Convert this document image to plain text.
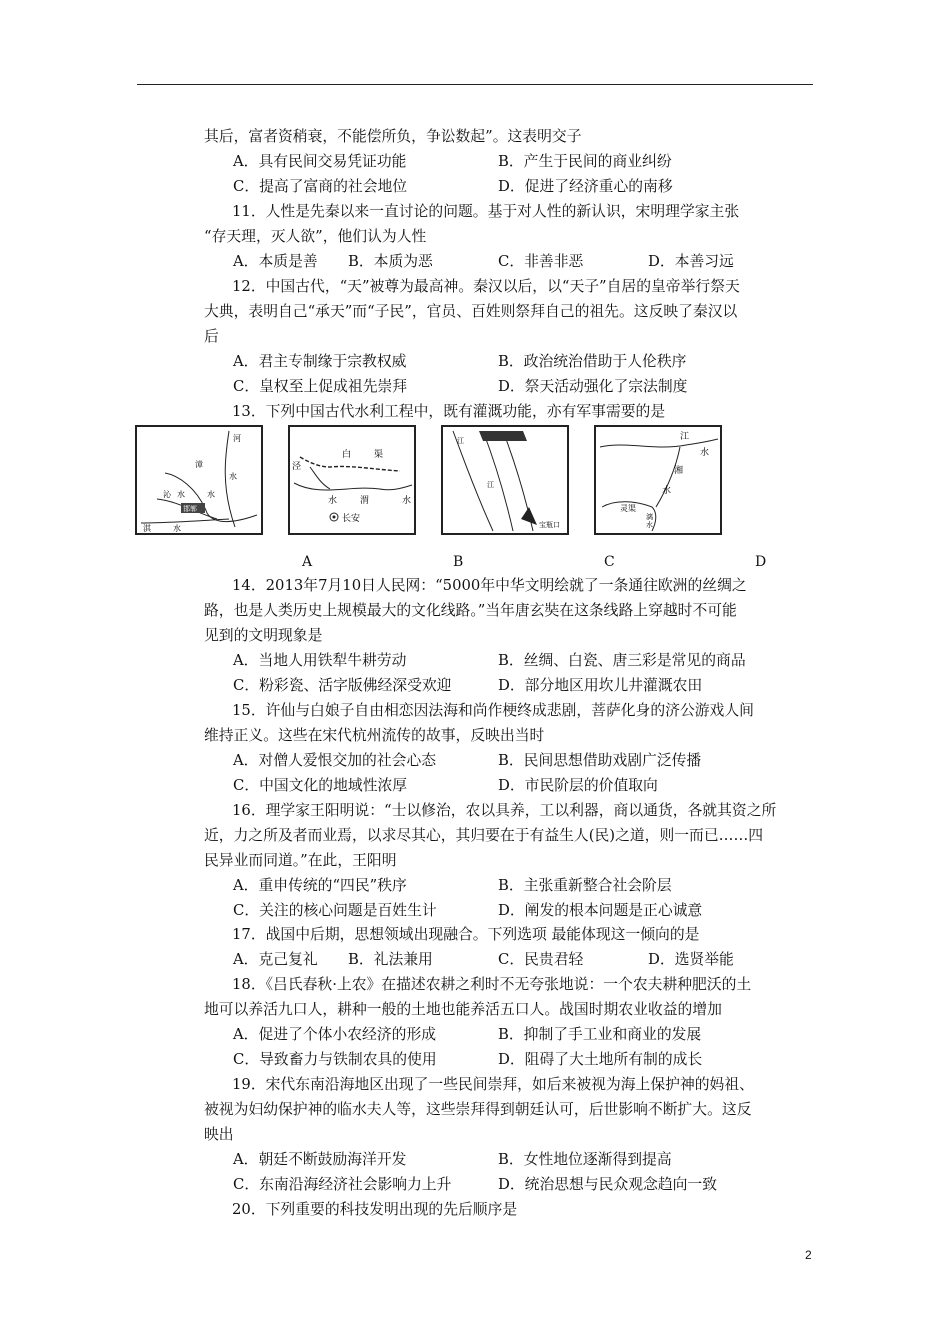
其后，富者资稍衰，不能偿所负，争讼数起”。这表明交子
A．具有民间交易凭证功能	B．产生于民间的商业纠纷
C．提高了富商的社会地位	D．促进了经济重心的南移
11．人性是先秦以来一直讨论的问题。基于对人性的新认识，宋明理学家主张
“存天理，灭人欲”，他们认为人性
A．本质是善 B．本质为恶	C．非善非恶	D．本善习远
12．中国古代，“天”被尊为最高神。秦汉以后，以“天子”自居的皇帝举行祭天
大典，表明自己“承天”而“子民”，官员、百姓则祭拜自己的祖先。这反映了秦汉以
后
A．君主专制缘于宗教权威	B．政治统治借助于人伦秩序
C．皇权至上促成祖先崇拜	D．祭天活动强化了宗法制度
13．下列中国古代水利工程中，既有灌溉功能，亦有军事需要的是
河
水
漳
水
沁 水
邯郸
淇	水
泾
白	渠
水	渭	水
长安
江
江
宝瓶口
江
水
湘
水
灵渠
漓
水
A	B	C	D
14．2013年7月10日人民网：“5000年中华文明绘就了一条通往欧洲的丝绸之
路，也是人类历史上规模最大的文化线路。”当年唐玄奘在这条线路上穿越时不可能
见到的文明现象是
A．当地人用铁犁牛耕劳动	B．丝绸、白瓷、唐三彩是常见的商品
C．粉彩瓷、活字版佛经深受欢迎	D．部分地区用坎儿井灌溉农田
15．许仙与白娘子自由相恋因法海和尚作梗终成悲剧，菩萨化身的济公游戏人间
维持正义。这些在宋代杭州流传的故事，反映出当时
A．对僧人爱恨交加的社会心态	B．民间思想借助戏剧广泛传播
C．中国文化的地域性浓厚	D．市民阶层的价值取向
16．理学家王阳明说：“士以修治，农以具养，工以利器，商以通货，各就其资之所
近，力之所及者而业焉，以求尽其心，其归要在于有益生人(民)之道，则一而已……四
民异业而同道。”在此，王阳明
A．重申传统的“四民”秩序	B．主张重新整合社会阶层
C．关注的核心问题是百姓生计	D．阐发的根本问题是正心诚意
17．战国中后期，思想领域出现融合。下列选项 最能体现这一倾向的是
A．克己复礼 B．礼法兼用	C．民贵君轻	D．选贤举能
18．《吕氏春秋·上农》在描述农耕之利时不无夸张地说：一个农夫耕种肥沃的土
地可以养活九口人，耕种一般的土地也能养活五口人。战国时期农业收益的增加
A．促进了个体小农经济的形成	B．抑制了手工业和商业的发展
C．导致畜力与铁制农具的使用	D．阻碍了大土地所有制的成长
19．宋代东南沿海地区出现了一些民间崇拜，如后来被视为海上保护神的妈祖、
被视为妇幼保护神的临水夫人等，这些崇拜得到朝廷认可，后世影响不断扩大。这反
映出
A．朝廷不断鼓励海洋开发	B．女性地位逐渐得到提高
C．东南沿海经济社会影响力上升	D．统治思想与民众观念趋向一致
20．下列重要的科技发明出现的先后顺序是
2
